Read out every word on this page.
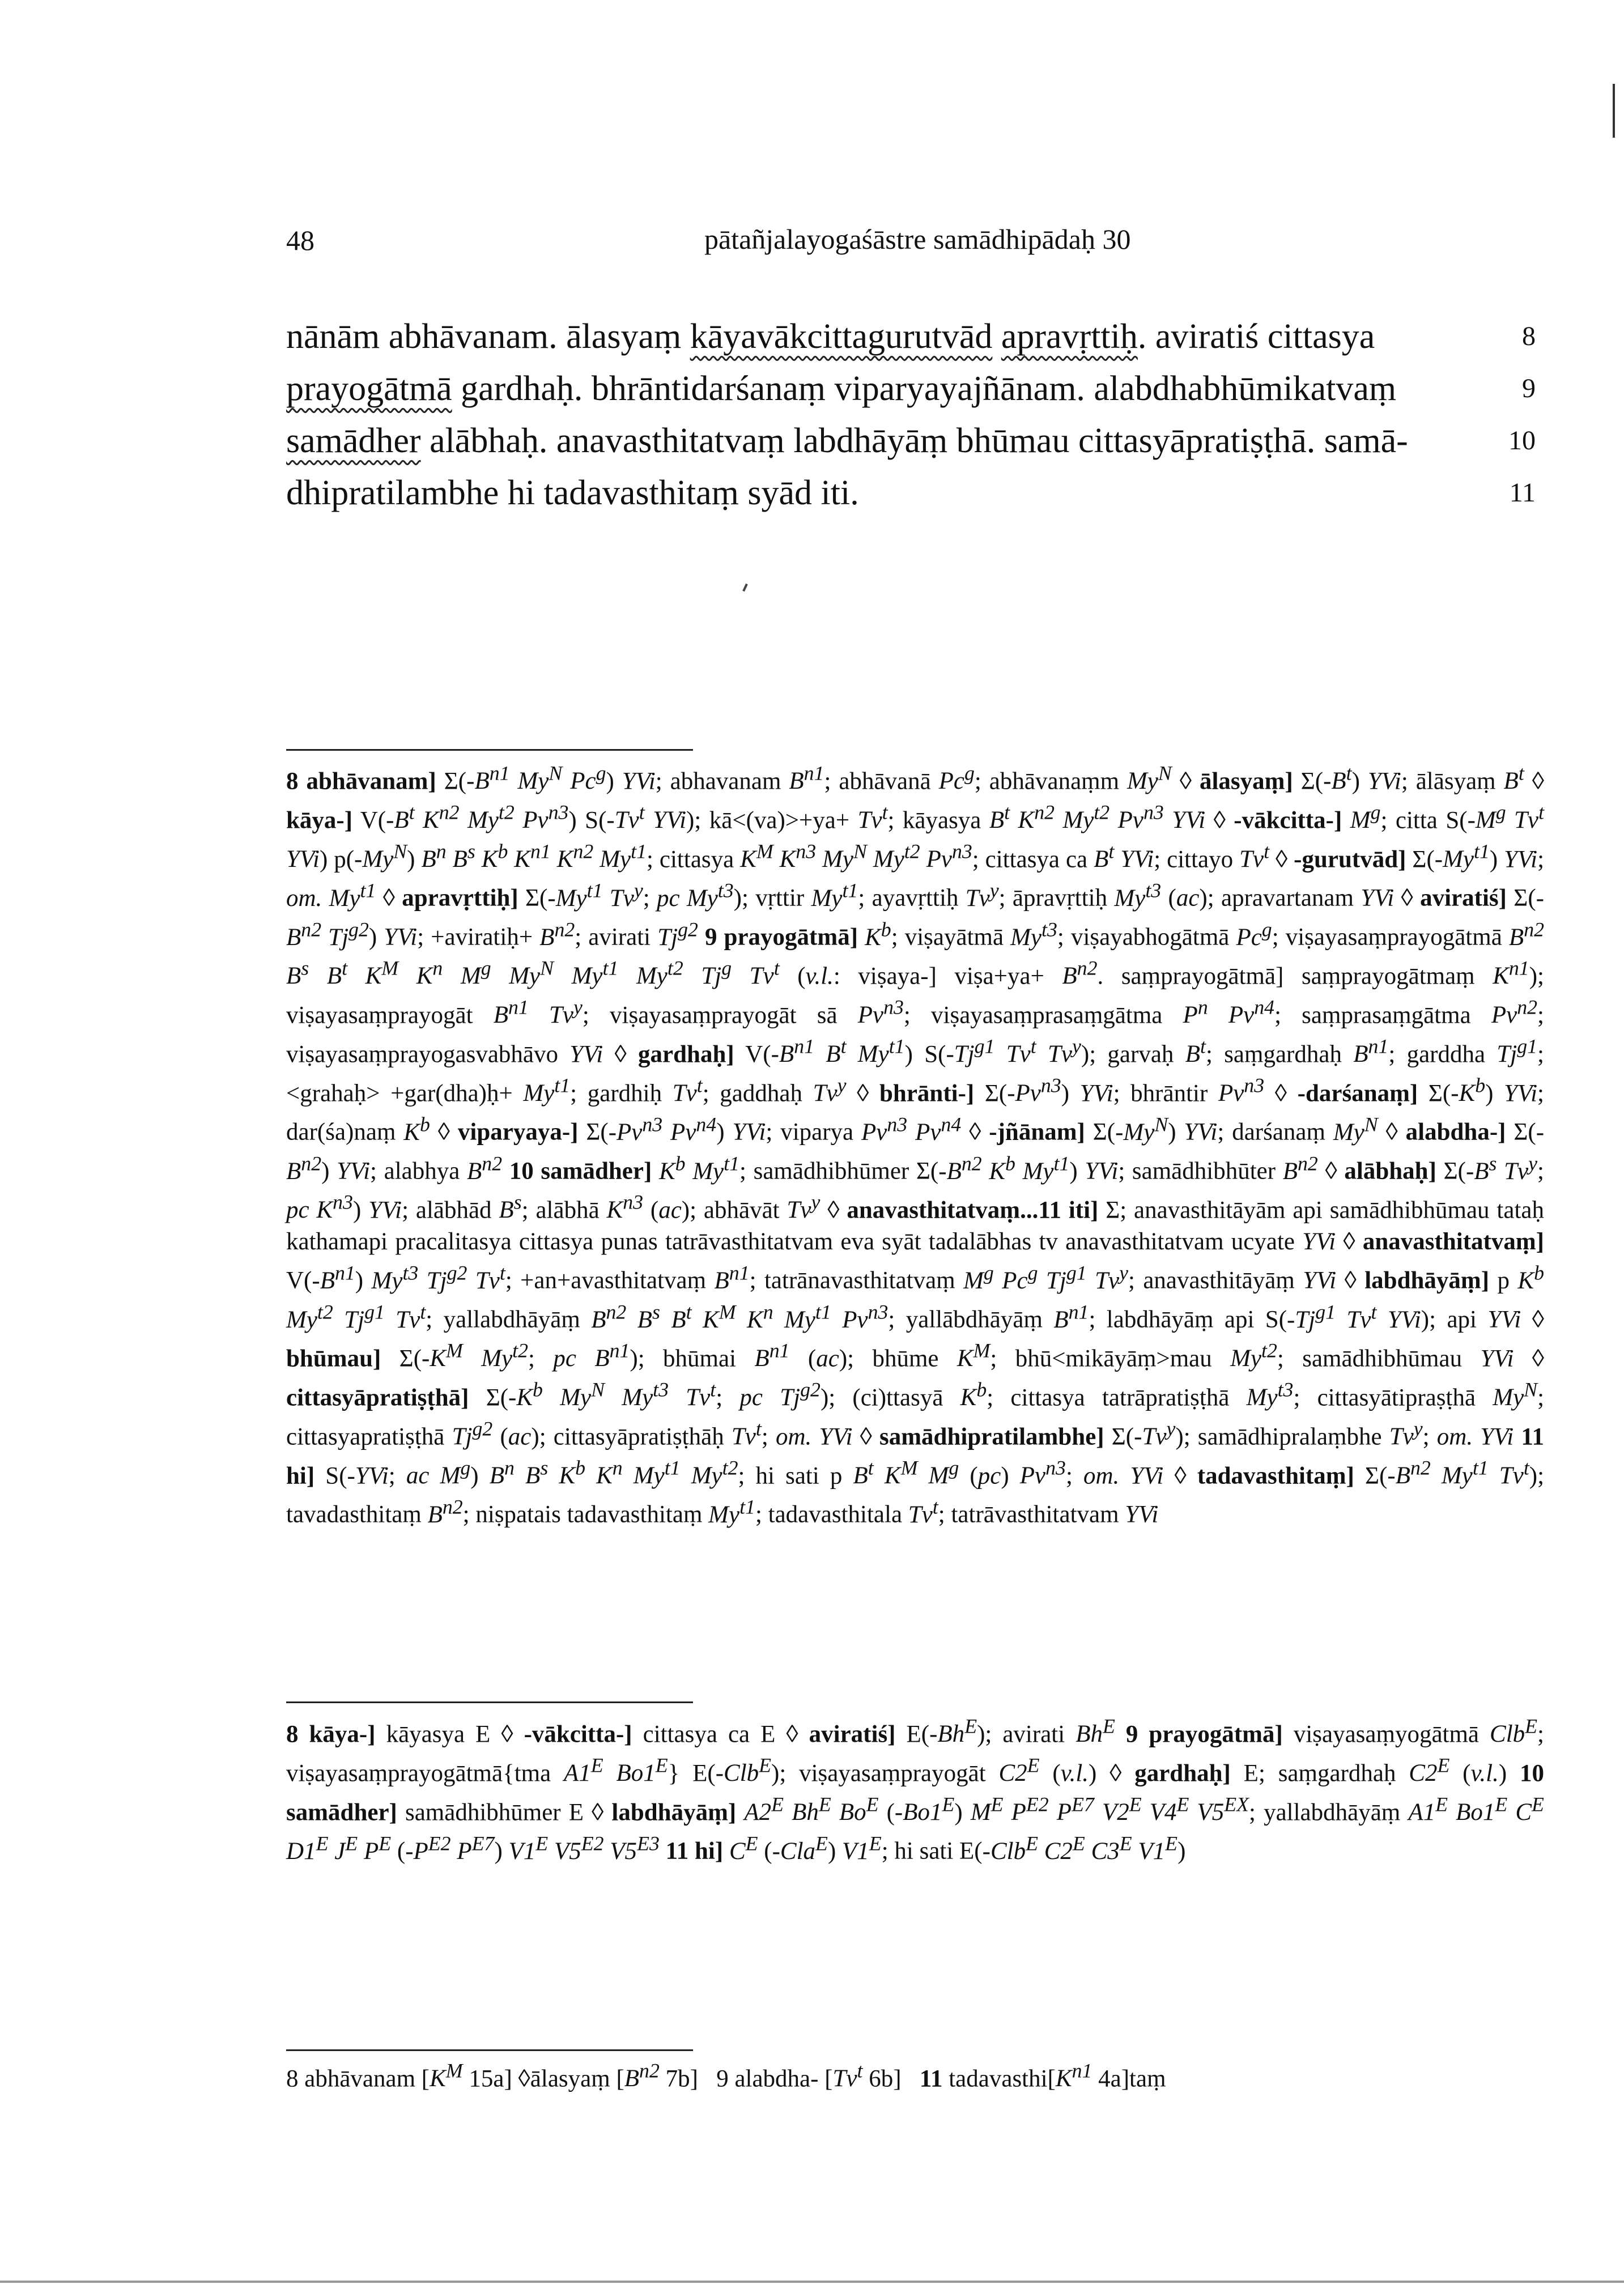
48	pātañjalayogaśāstre samādhipādaḥ 30
nānām abhāvanam. ālasyaṃ kāyavākcittagurutvād apravṛttiḥ. aviratiś cittasya	8
prayogātmā gardhaḥ. bhrāntidarśanaṃ viparyayajñānam. alabdhabhūmikatvaṃ	9
samādher alābhaḥ. anavasthitatvaṃ labdhāyāṃ bhūmau cittasyāpratiṣṭhā. samā-	10
dhipratilambhe hi tadavasthitaṃ syād iti.	11
8 abhāvanam] $\Sigma(-B^{n1}$ $My^N$ Pc$^g$) YVi; abhavanam $B^{n1}$; abhāvanā Pc$^g$; abhāvanaṃm $My^N$ ◊ ālasyaṃ] $\Sigma(-B^t)$ YVi; ālāsyaṃ $B^t$ ◊ kāya-] $V(-B^t$ $K^{n2}$ $My^{t2}$ $Pv^{n3}$) S(-Tv$^t$ YVi); kā<(va)>+ya+ $Tv^t$; kāyasya $B^t$ $K^{n2}$ $My^{t2}$ $Pv^{n3}$ YVi ◊ -vākcitta-] $M^g$; citta $S(-M^g$ Tv$^t$ YVi) $p(-My^N)$ $B^n$ $B^s$ $K^b$ $K^{n1}$ $K^{n2}$ $My^{t1}$; cittasya $K^M$ $K^{n3}$ $My^N$ $My^{t2}$ $Pv^{n3}$; cittasya ca $B^t$ YVi; cittayo Tv$^t$ ◊ -gurutvād] $\Sigma(-My^{t1})$ YVi; om. $My^{t1}$ ◊ apravṛttiḥ] $\Sigma(-My^{t1}$ Tv$^y$; pc $My^{t3}$); vṛttir $My^{t1}$; ayavṛttiḥ Tv$^y$; āpravṛttiḥ $My^{t3}$ (ac); apravartanam YVi ◊ aviratiś] $\Sigma(-B^{n2}$ $Tj^{g2}$) YVi; +aviratiḥ+ $B^{n2}$; avirati $Tj^{g2}$ 9 prayogātmā] $K^b$; viṣayātmā $My^{t3}$; viṣayabhogātmā Pc$^g$; viṣayasaṃprayogātmā $B^{n2}$ $B^s$ $B^t$ $K^M$ $K^n$ $M^g$ $My^N$ $My^{t1}$ $My^{t2}$ Tj$^g$ Tv$^t$ (v.l.: viṣaya-] viṣa+ya+ $B^{n2}$. saṃprayogātmā] saṃprayogātmaṃ $K^{n1}$); viṣayasaṃprayogāt $B^{n1}$ Tv$^y$; viṣayasaṃprayogāt sā $Pv^{n3}$; viṣayasaṃprasaṃgātma $P^n$ $Pv^{n4}$; saṃprasaṃgātma $Pv^{n2}$; viṣayasaṃprayogasvabhāvo YVi ◊ gardhaḥ] $V(-B^{n1}$ $B^t$ $My^{t1}$) $S(-Tj^{g1}$ Tv$^t$ Tv$^y$); garvaḥ $B^t$; saṃgardhaḥ $B^{n1}$; garddha $Tj^{g1}$; <grahaḥ> +gar(dha)ḥ+ $My^{t1}$; gardhiḥ Tv$^t$; gaddhaḥ Tv$^y$ ◊ bhrānti-] $\Sigma(-Pv^{n3})$ YVi; bhrāntir $Pv^{n3}$ ◊ -darśanaṃ] $\Sigma(-K^b)$ YVi; dar(śa)naṃ $K^b$ ◊ viparyaya-] $\Sigma(-Pv^{n3}$ $Pv^{n4}$) YVi; viparya $Pv^{n3}$ $Pv^{n4}$ ◊ -jñānam] $\Sigma(-My^N)$ YVi; darśanaṃ $My^N$ ◊ alabdha-] $\Sigma(-B^{n2})$ YVi; alabhya $B^{n2}$ 10 samādher] $K^b$ $My^{t1}$; samādhibhūmer $\Sigma(-B^{n2}$ $K^b$ $My^{t1}$) YVi; samādhibhūter $B^{n2}$ ◊ alābhaḥ] $\Sigma(-B^s$ Tv$^y$; pc $K^{n3}$) YVi; alābhād $B^s$; alābhā $K^{n3}$ (ac); abhāvāt Tv$^y$ ◊ anavasthitatvaṃ...11 iti] Σ; anavasthitāyām api samādhibhūmau tataḥ kathamapi pracalitasya cittasya punas tatrāvasthitatvam eva syāt tadalābhas tv anavasthitatvam ucyate YVi ◊ anavasthitatvaṃ] $V(-B^{n1})$ $My^{t3}$ $Tj^{g2}$ $Tv^t$; +an+avasthitatvaṃ $B^{n1}$; tatrānavasthitatvaṃ $M^g$ Pc$^g$ $Tj^{g1}$ Tv$^y$; anavasthitāyāṃ YVi ◊ labdhāyāṃ] p $K^b$ $My^{t2}$ $Tj^{g1}$ Tv$^t$; yallabdhāyāṃ $B^{n2}$ $B^s$ $B^t$ $K^M$ $K^n$ $My^{t1}$ $Pv^{n3}$; yallābdhāyāṃ $B^{n1}$; labdhāyāṃ api $S(-Tj^{g1}$ Tv$^t$ YVi); api YVi ◊ bhūmau] $\Sigma(-K^M$ $My^{t2}$; pc $B^{n1}$); bhūmai $B^{n1}$ (ac); bhūme $K^M$; bhū<mikāyāṃ>mau $My^{t2}$; samādhibhūmau YVi ◊ cittasyāpratiṣṭhā] $\Sigma(-K^b$ $My^N$ $My^{t3}$ Tv$^t$; pc $Tj^{g2}$); (ci)ttasyā $K^b$; cittasya tatrāpratiṣṭhā $My^{t3}$; cittasyātipraṣṭhā $My^N$; cittasyapratiṣṭhā $Tj^{g2}$ (ac); cittasyāpratiṣṭhāḥ Tv$^t$; om. YVi ◊ samādhipratilambhe] Σ(-Tv$^y$); samādhipralaṃbhe Tv$^y$; om. YVi 11 hi] S(-YVi; ac $M^g$) $B^n$ $B^s$ $K^b$ $K^n$ $My^{t1}$ $My^{t2}$; hi sati p $B^t$ $K^M$ $M^g$ (pc) $Pv^{n3}$; om. YVi ◊ tadavasthitaṃ] $\Sigma(-B^{n2}$ $My^{t1}$ Tv$^t$); tavadasthitaṃ $B^{n2}$; niṣpatais tadavasthitaṃ $My^{t1}$; tadavasthitala Tv$^t$; tatrāvasthitatvam YVi
8 kāya-] kāyasya E ◊ -vākcitta-] cittasya ca E ◊ aviratiś] $E(-Bh^E)$; avirati $Bh^E$ 9 prayogātmā] viṣayasaṃyogātmā Clb$^E$; viṣayasaṃprayogātmā{tma $A1^E$ $Bo1^E$} E(-Clb$^E$); viṣayasaṃprayogāt $C2^E$ (v.l.) ◊ gardhaḥ] E; saṃgardhaḥ $C2^E$ (v.l.) 10 samādher] samādhibhūmer E ◊ labdhāyāṃ] $A2^E$ $Bh^E$ $Bo^E$ $(-Bo1^E)$ $M^E$ $P^{E2}$ $P^{E7}$ $V2^E$ $V4^E$ $V5^{EX}$; yallabdhāyāṃ $A1^E$ $Bo1^E$ $C^E$ $D1^E$ $J^E$ $P^E$ ($-P^{E2}$ $P^{E7}$) $V1^E$ $V5^{E2}$ $V5^{E3}$ 11 hi] $C^E$ (-Cla$^E$) $V1^E$; hi sati E(-Clb$^E$ $C2^E$ $C3^E$ $V1^E$)
8 abhāvanam [$K^M$ 15a] ◊ālasyaṃ [$B^{n2}$ 7b]   9 alabdha- [Tv$^t$ 6b]   11 $tadavasthi[K^{n1}$ 4a]taṃ
